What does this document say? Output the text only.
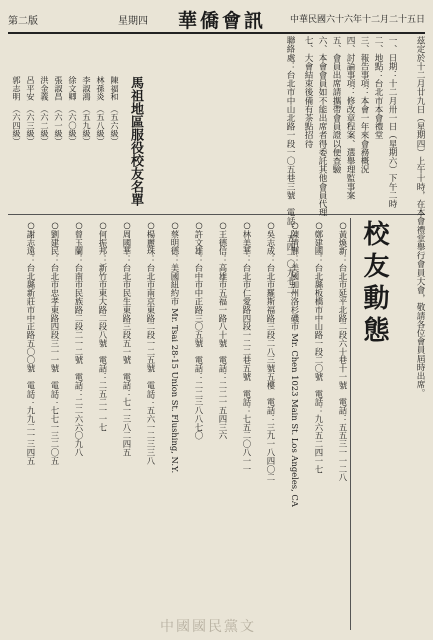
第二版	星期四 華僑會訊	中華民國六十六年十二月二十五日
茲定於十二月廿九日（星期四）上午十時，在本會禮堂舉行會員大會，敬請各位會員屆時出席。
一、日期：十二月卅一日（星期六）下午二時
二、地點：台北市本會禮堂
三、報告事項：本會一年來會務概況
四、討論事項：修改章程案、選舉理監事案
五、會員出席請攜帶會員證以便查驗
六、本會會員如不能出席者得委託其他會員代理
七、大會結束後備有茶點招待
聯絡處：台北市中山北路一段一〇五巷三號　電話：五四一〇九七二
馬祖地區服役校友名單
陳福和　（五六級）
林孫炎　（五八級）
李淑鴻　（五九級）
徐文卿　（六〇級）
張淑昌　（六一級）
洪金義　（六二級）
呂平安　（六三級）
郭志明　（六四級）
校友動態
○黃煥新：台北市延平北路二段六十巷十一號　電話：五五三一一二八
○鄭建國：台北縣板橋市中山路一段二〇號　電話：九六五二四一七
○陳清輝：美國加州洛杉磯市 Mr. Chen 1023 Main St. Los Angeles, CA
○吳志成：台北市羅斯福路三段二八三號五樓　電話：三九一八四〇二
○林美華：台北市仁愛路四段一二二巷五號　電話：七五二〇八一一
○王德信：高雄市五福一路八十號　電話：二二一五四三六
○許文雄：台中市中正路三〇五號　電話：二二三八八七〇
○蔡明德：美國紐約市 Mr. Tsai 28-15 Union St. Flushing, N.Y.
○楊麗珠：台北市南京東路二段一二五號　電話：五六一二三三八
○周國華：台北市民生東路三段五一號　電話：七一三八二四五
○何振邦：新竹市東大路二段八號　電話：二五二一一七
○曾玉蘭：台南市民族路二段二一二號　電話：二二六六〇九八
○劉建民：台北市忠孝東路四段三一一號　電話：七七一三二〇五
○謝志遠：台北縣新莊市中正路五〇〇號　電話：九九二一三四五
中國國民黨文
